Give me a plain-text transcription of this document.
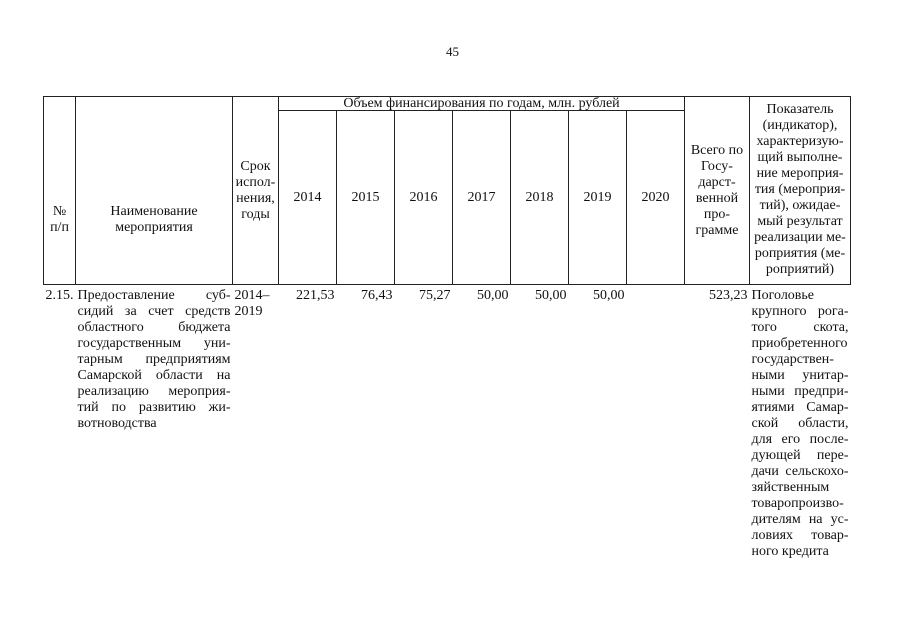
45
№ п/п	Наименование мероприятия	Срок испол-нения, годы	Объем финансирования по годам, млн. рублей							Всего по Госу-дарст-венной про-грамме	Показатель (индикатор), характеризую-щий выполне-ние мероприя-тия (мероприя-тий), ожидае-мый результат реализации ме-роприятия (ме-роприятий)
			2014	2015	2016	2017	2018	2019	2020		
2.15.	Предоставление суб-сидий за счет средств областного бюджета государственным уни-тарным предприятиям Самарской области на реализацию мероприя-тий по развитию жи-вотноводства	2014–2019	221,53	76,43	75,27	50,00	50,00	50,00		523,23	Поголовье крупного рога-того скота, приобретенного государствен-ными унитар-ными предпри-ятиями Самар-ской области, для его после-дующей пере-дачи сельскохо-зяйственным товаропроизво-дителям на ус-ловиях товар-ного кредита
